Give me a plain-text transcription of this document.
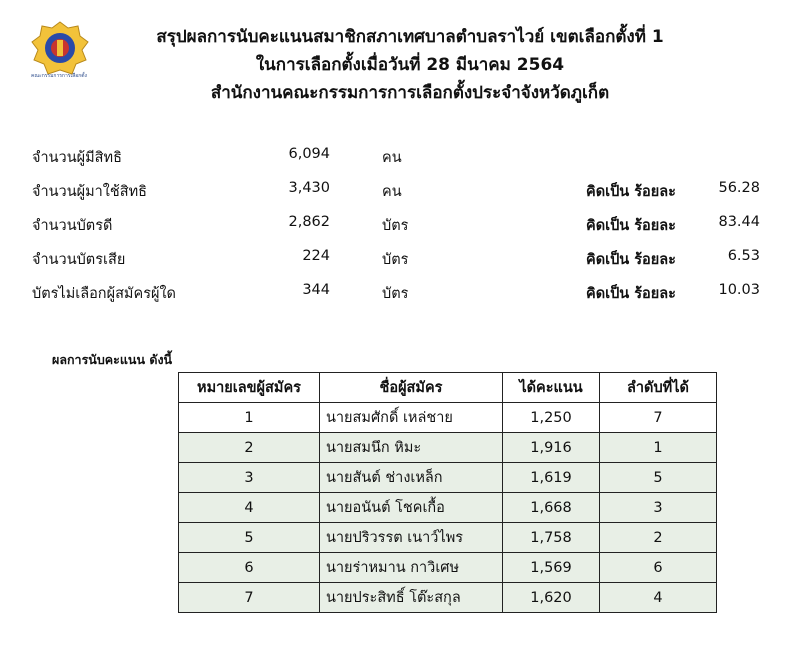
คณะกรรมการการเลือกตั้ง
สรุปผลการนับคะแนนสมาชิกสภาเทศบาลตำบลราไวย์ เขตเลือกตั้งที่ 1
ในการเลือกตั้งเมื่อวันที่ 28 มีนาคม 2564
สำนักงานคณะกรรมการการเลือกตั้งประจำจังหวัดภูเก็ต
จำนวนผู้มีสิทธิ	6,094	คน
จำนวนผู้มาใช้สิทธิ	3,430	คน	คิดเป็น ร้อยละ	56.28
จำนวนบัตรดี	2,862	บัตร	คิดเป็น ร้อยละ	83.44
จำนวนบัตรเสีย	224	บัตร	คิดเป็น ร้อยละ	6.53
บัตรไม่เลือกผู้สมัครผู้ใด	344	บัตร	คิดเป็น ร้อยละ	10.03
ผลการนับคะแนน ดังนี้
หมายเลขผู้สมัคร	ชื่อผู้สมัคร	ได้คะแนน	ลำดับที่ได้
1	นายสมศักดิ์ เหล่ชาย	1,250	7
2	นายสมนึก หิมะ	1,916	1
3	นายสันต์ ช่างเหล็ก	1,619	5
4	นายอนันต์ โชคเกื้อ	1,668	3
5	นายปริวรรต เนาว์ไพร	1,758	2
6	นายร่าหมาน กาวิเศษ	1,569	6
7	นายประสิทธิ์ โต๊ะสกุล	1,620	4
